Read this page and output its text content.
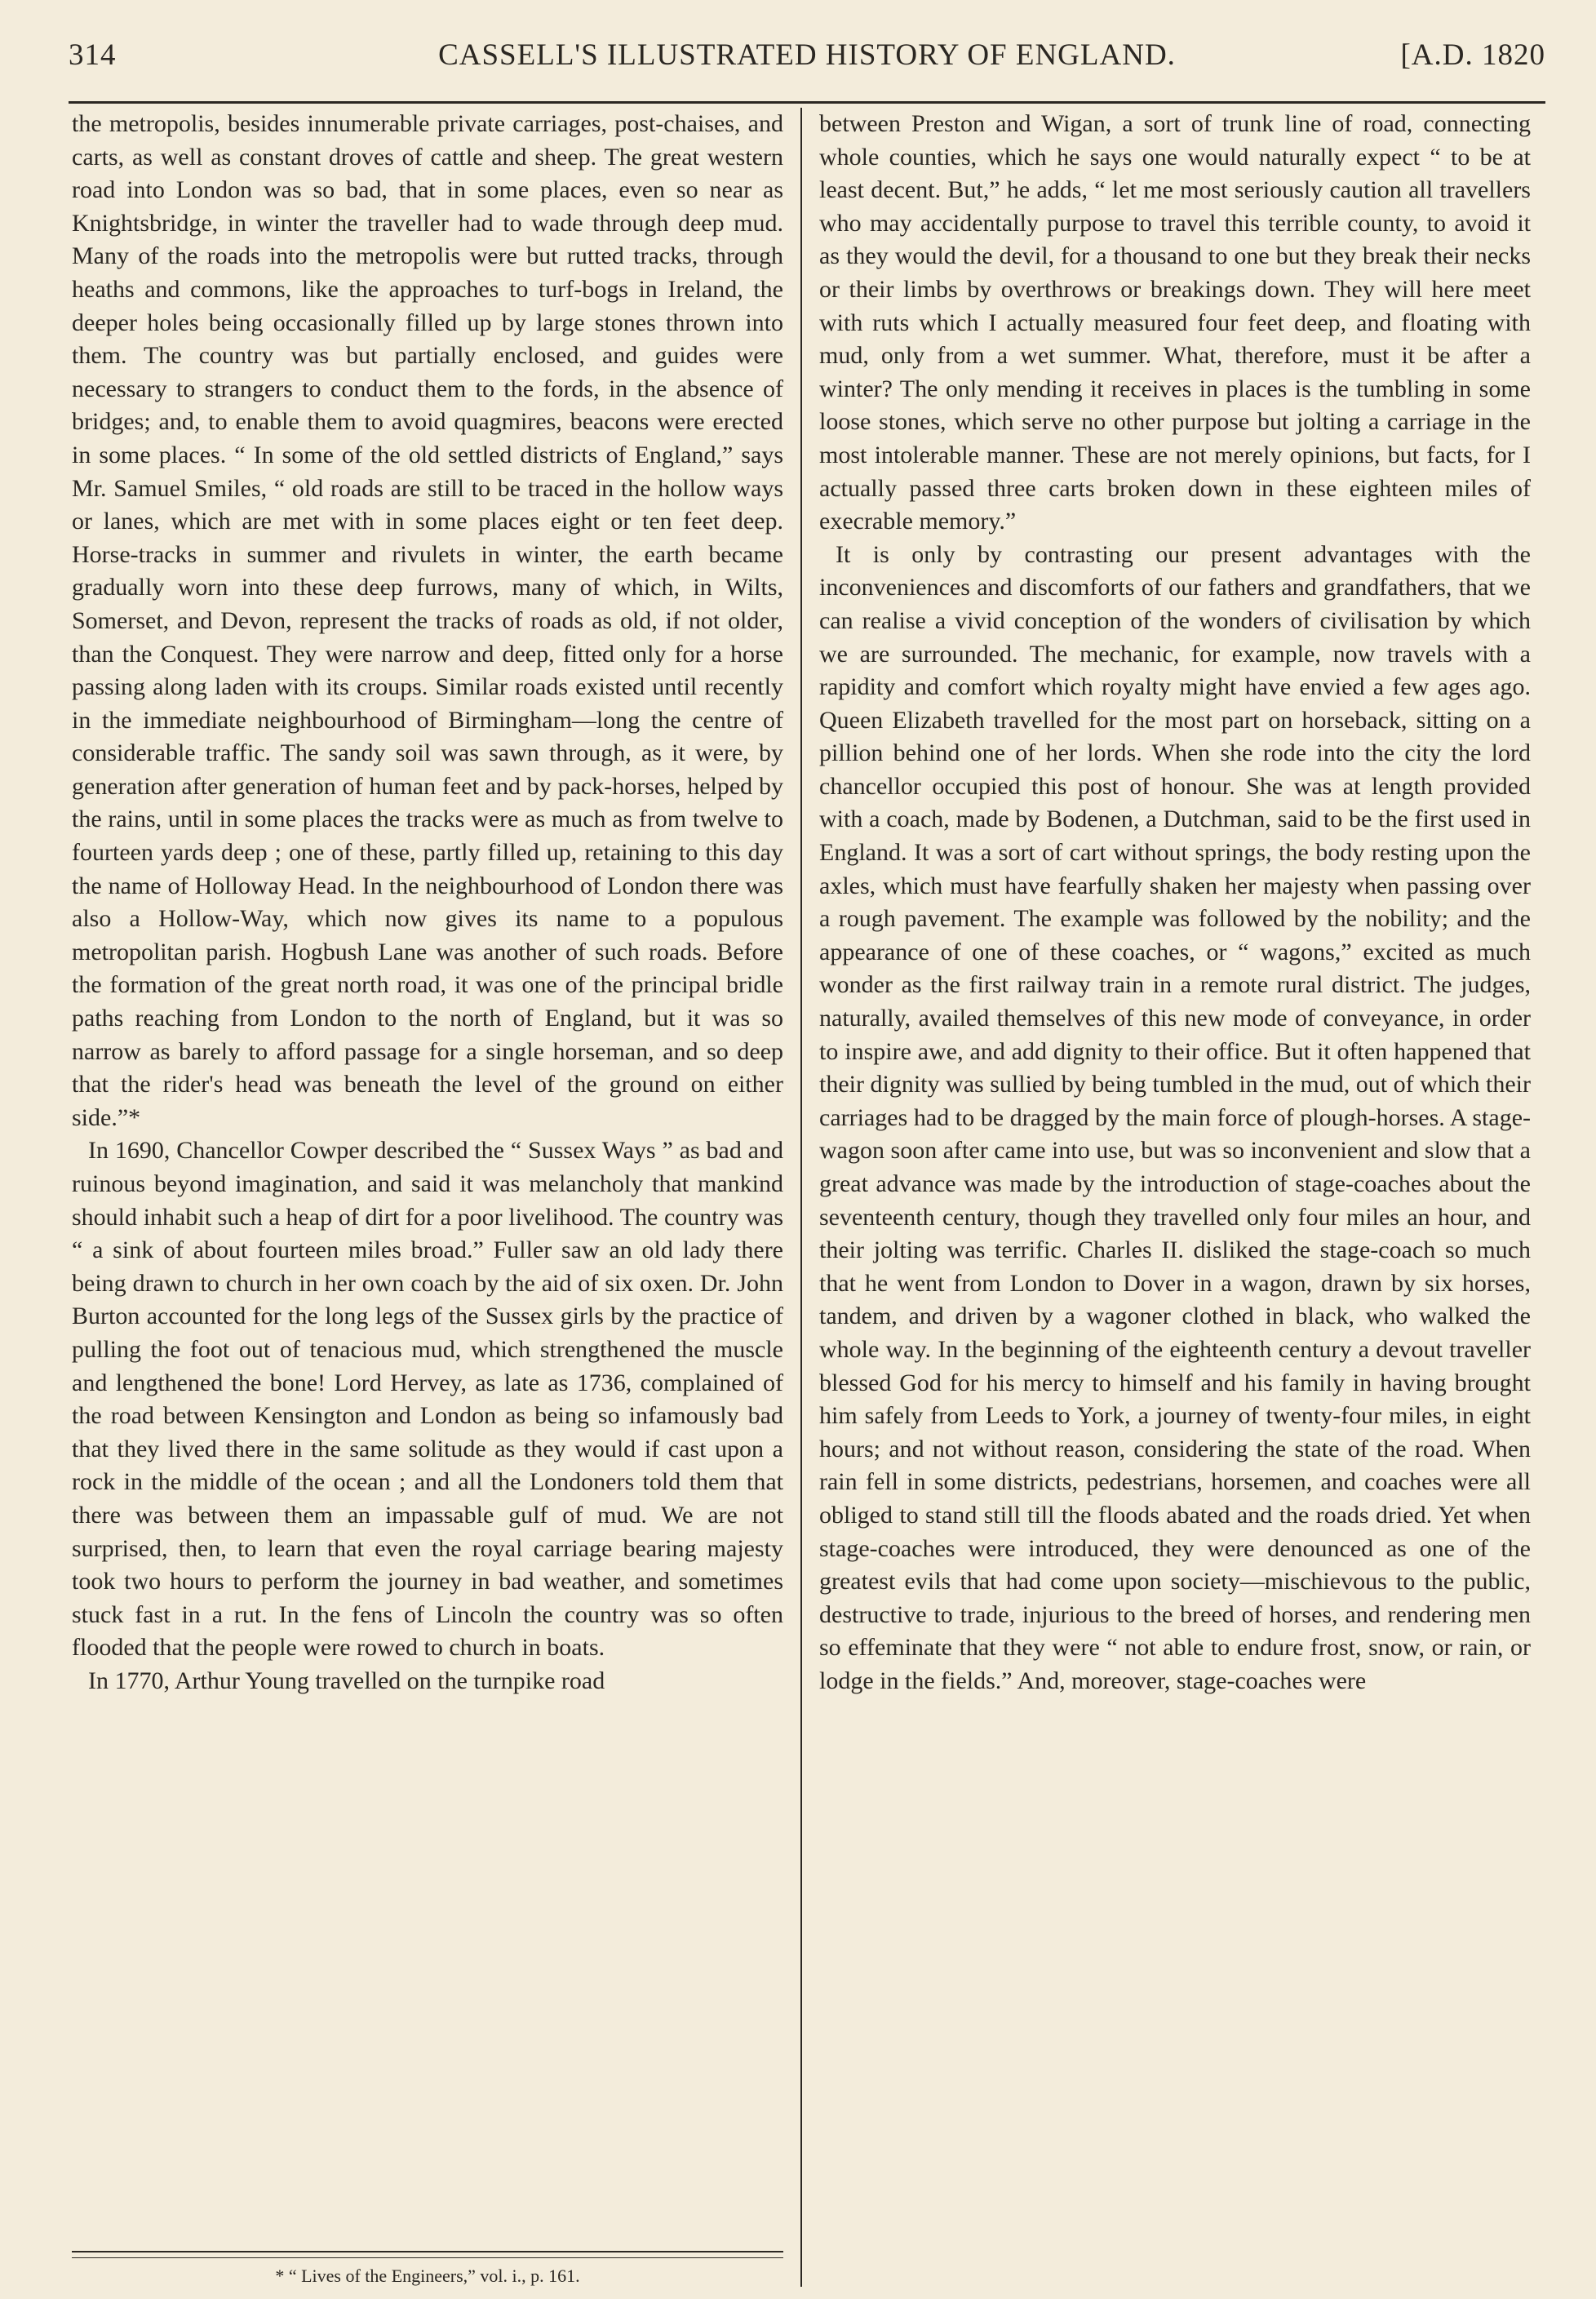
314	CASSELL'S ILLUSTRATED HISTORY OF ENGLAND.	[A.D. 1820

the metropolis, besides innumerable private carriages, post-chaises, and carts, as well as constant droves of cattle and sheep. The great western road into London was so bad, that in some places, even so near as Knightsbridge, in winter the traveller had to wade through deep mud. Many of the roads into the metropolis were but rutted tracks, through heaths and commons, like the approaches to turf-bogs in Ireland, the deeper holes being occasionally filled up by large stones thrown into them. The country was but partially enclosed, and guides were necessary to strangers to conduct them to the fords, in the absence of bridges; and, to enable them to avoid quagmires, beacons were erected in some places. “ In some of the old settled districts of England,” says Mr. Samuel Smiles, “ old roads are still to be traced in the hollow ways or lanes, which are met with in some places eight or ten feet deep. Horse-tracks in summer and rivulets in winter, the earth became gradually worn into these deep furrows, many of which, in Wilts, Somerset, and Devon, represent the tracks of roads as old, if not older, than the Conquest. They were narrow and deep, fitted only for a horse passing along laden with its croups. Similar roads existed until recently in the immediate neighbourhood of Birmingham—long the centre of considerable traffic. The sandy soil was sawn through, as it were, by generation after generation of human feet and by pack-horses, helped by the rains, until in some places the tracks were as much as from twelve to fourteen yards deep ; one of these, partly filled up, retaining to this day the name of Holloway Head. In the neighbourhood of London there was also a Hollow-Way, which now gives its name to a populous metropolitan parish. Hogbush Lane was another of such roads. Before the formation of the great north road, it was one of the principal bridle paths reaching from London to the north of England, but it was so narrow as barely to afford passage for a single horseman, and so deep that the rider's head was beneath the level of the ground on either side.”*

In 1690, Chancellor Cowper described the “ Sussex Ways ” as bad and ruinous beyond imagination, and said it was melancholy that mankind should inhabit such a heap of dirt for a poor livelihood. The country was “ a sink of about fourteen miles broad.” Fuller saw an old lady there being drawn to church in her own coach by the aid of six oxen. Dr. John Burton accounted for the long legs of the Sussex girls by the practice of pulling the foot out of tenacious mud, which strengthened the muscle and lengthened the bone! Lord Hervey, as late as 1736, complained of the road between Kensington and London as being so infamously bad that they lived there in the same solitude as they would if cast upon a rock in the middle of the ocean ; and all the Londoners told them that there was between them an impassable gulf of mud. We are not surprised, then, to learn that even the royal carriage bearing majesty took two hours to perform the journey in bad weather, and sometimes stuck fast in a rut. In the fens of Lincoln the country was so often flooded that the people were rowed to church in boats.

In 1770, Arthur Young travelled on the turnpike road

between Preston and Wigan, a sort of trunk line of road, connecting whole counties, which he says one would naturally expect “ to be at least decent. But,” he adds, “ let me most seriously caution all travellers who may accidentally purpose to travel this terrible county, to avoid it as they would the devil, for a thousand to one but they break their necks or their limbs by overthrows or breakings down. They will here meet with ruts which I actually measured four feet deep, and floating with mud, only from a wet summer. What, therefore, must it be after a winter? The only mending it receives in places is the tumbling in some loose stones, which serve no other purpose but jolting a carriage in the most intolerable manner. These are not merely opinions, but facts, for I actually passed three carts broken down in these eighteen miles of execrable memory.”

It is only by contrasting our present advantages with the inconveniences and discomforts of our fathers and grandfathers, that we can realise a vivid conception of the wonders of civilisation by which we are surrounded. The mechanic, for example, now travels with a rapidity and comfort which royalty might have envied a few ages ago. Queen Elizabeth travelled for the most part on horseback, sitting on a pillion behind one of her lords. When she rode into the city the lord chancellor occupied this post of honour. She was at length provided with a coach, made by Bodenen, a Dutchman, said to be the first used in England. It was a sort of cart without springs, the body resting upon the axles, which must have fearfully shaken her majesty when passing over a rough pavement. The example was followed by the nobility; and the appearance of one of these coaches, or “ wagons,” excited as much wonder as the first railway train in a remote rural district. The judges, naturally, availed themselves of this new mode of conveyance, in order to inspire awe, and add dignity to their office. But it often happened that their dignity was sullied by being tumbled in the mud, out of which their carriages had to be dragged by the main force of plough-horses. A stage-wagon soon after came into use, but was so inconvenient and slow that a great advance was made by the introduction of stage-coaches about the seventeenth century, though they travelled only four miles an hour, and their jolting was terrific. Charles II. disliked the stage-coach so much that he went from London to Dover in a wagon, drawn by six horses, tandem, and driven by a wagoner clothed in black, who walked the whole way. In the beginning of the eighteenth century a devout traveller blessed God for his mercy to himself and his family in having brought him safely from Leeds to York, a journey of twenty-four miles, in eight hours; and not without reason, considering the state of the road. When rain fell in some districts, pedestrians, horsemen, and coaches were all obliged to stand still till the floods abated and the roads dried. Yet when stage-coaches were introduced, they were denounced as one of the greatest evils that had come upon society—mischievous to the public, destructive to trade, injurious to the breed of horses, and rendering men so effeminate that they were “ not able to endure frost, snow, or rain, or lodge in the fields.” And, moreover, stage-coaches were

* “ Lives of the Engineers,” vol. i., p. 161.
